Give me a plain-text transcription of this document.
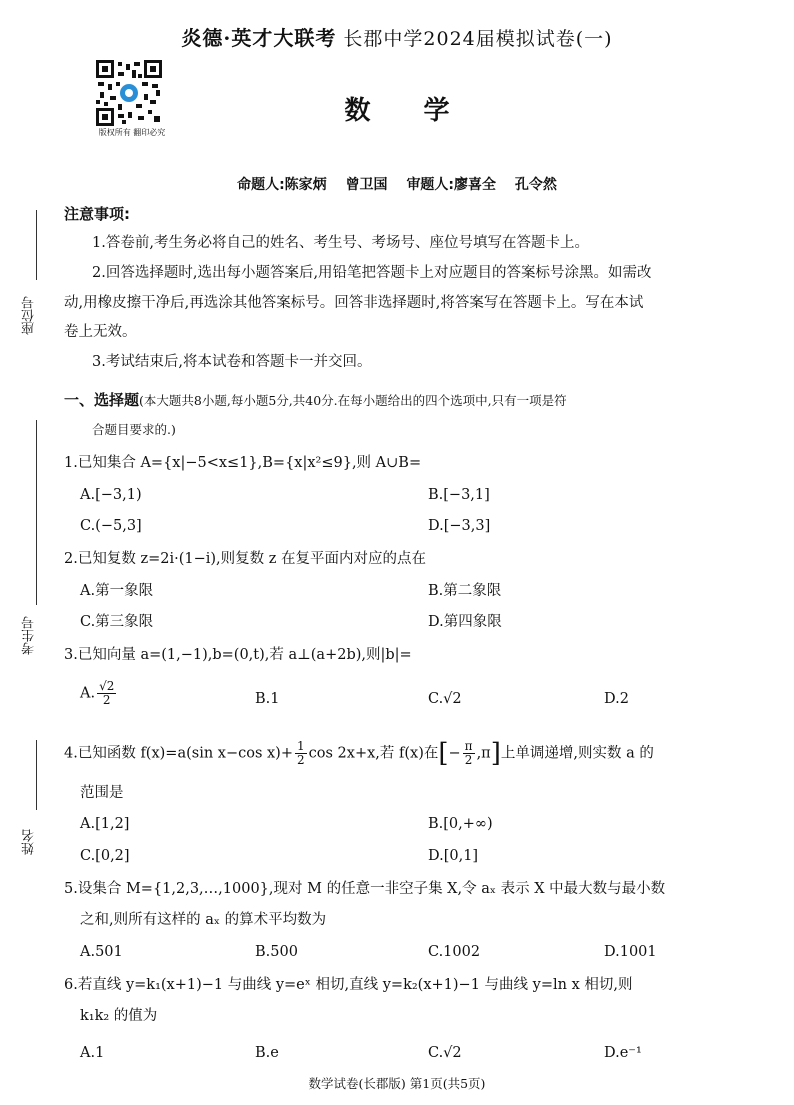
炎德·英才大联考 长郡中学2024届模拟试卷(一)
版权所有 翻印必究
数 学
命题人:陈家炳 曾卫国 审题人:廖喜全 孔令然
座位号
考生号
姓名
注意事项:
1.答卷前,考生务必将自己的姓名、考生号、考场号、座位号填写在答题卡上。
2.回答选择题时,选出每小题答案后,用铅笔把答题卡上对应题目的答案标号涂黑。如需改
动,用橡皮擦干净后,再选涂其他答案标号。回答非选择题时,将答案写在答题卡上。写在本试
卷上无效。
3.考试结束后,将本试卷和答题卡一并交回。
一、选择题(本大题共8小题,每小题5分,共40分.在每小题给出的四个选项中,只有一项是符
合题目要求的.)
1.已知集合 A={x|−5<x≤1},B={x|x²≤9},则 A∪B=
A.[−3,1)	B.[−3,1]
C.(−5,3]	D.[−3,3]
2.已知复数 z=2i·(1−i),则复数 z 在复平面内对应的点在
A.第一象限	B.第二象限
C.第三象限	D.第四象限
3.已知向量 a=(1,−1),b=(0,t),若 a⊥(a+2b),则|b|=
A. $\frac{√2}{2}$	B.1	C.√2	D.2
4.已知函数 f(x)=a(sin x−cos $x)+ \frac{1}{2}$ cos 2x+x,若 f(x)在[− $\frac{\pi}{2} ,\pi$]上单调递增,则实数 a 的
范围是
A.[1,2]	B.[0,+∞)
C.[0,2]	D.[0,1]
5.设集合 M={1,2,3,…,1000},现对 M 的任意一非空子集 X,令 aₓ 表示 X 中最大数与最小数
之和,则所有这样的 aₓ 的算术平均数为
A.501	B.500	C.1002	D.1001
6.若直线 y=k₁(x+1)−1 与曲线 y=eˣ 相切,直线 y=k₂(x+1)−1 与曲线 y=ln x 相切,则
k₁k₂ 的值为
A.1	B.e	C.√2	D.e⁻¹
数学试卷(长郡版) 第1页(共5页)
